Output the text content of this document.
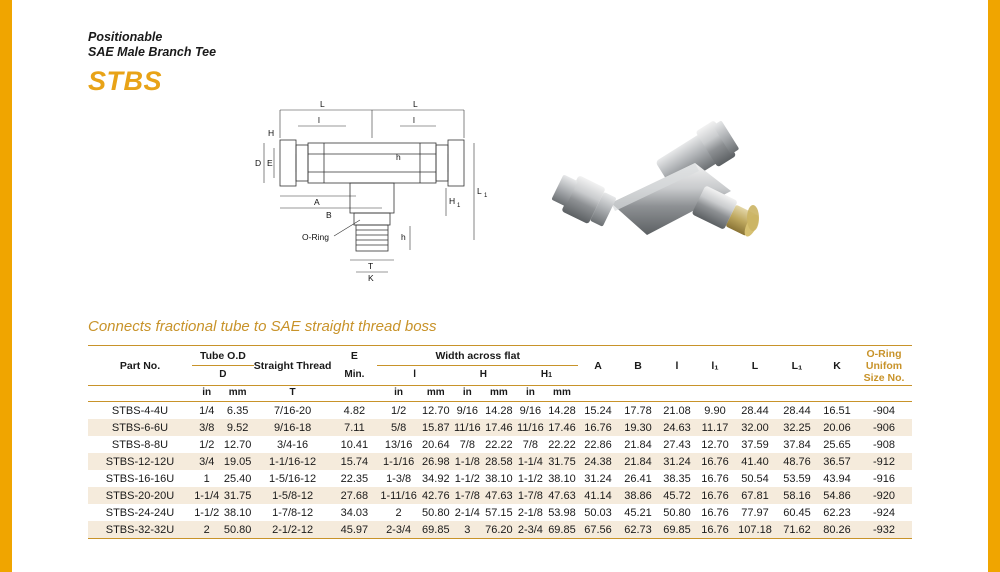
Positionable
SAE Male Branch Tee
STBS
L	L
H
l	l
D E
A
B
H 1
L 1
h
h
T
K
O-Ring
Connects fractional tube to SAE straight thread boss
Part No.	Tube O.D		Straight Thread	E	Width across flat						A	B	l	l₁	L	L₁	K	O-Ring
Unifom
Size No.

	D			Min.	l		H		H1									
	in	mm	T		in	mm	in	mm	in	mm								
STBS-4-4U	1/4	6.35	7/16-20	4.82	1/2	12.70	9/16	14.28	9/16	14.28	15.24	17.78	21.08	9.90	28.44	28.44	16.51	-904
STBS-6-6U	3/8	9.52	9/16-18	7.11	5/8	15.87	11/16	17.46	11/16	17.46	16.76	19.30	24.63	11.17	32.00	32.25	20.06	-906
STBS-8-8U	1/2	12.70	3/4-16	10.41	13/16	20.64	7/8	22.22	7/8	22.22	22.86	21.84	27.43	12.70	37.59	37.84	25.65	-908
STBS-12-12U	3/4	19.05	1-1/16-12	15.74	1-1/16	26.98	1-1/8	28.58	1-1/4	31.75	24.38	21.84	31.24	16.76	41.40	48.76	36.57	-912
STBS-16-16U	1	25.40	1-5/16-12	22.35	1-3/8	34.92	1-1/2	38.10	1-1/2	38.10	31.24	26.41	38.35	16.76	50.54	53.59	43.94	-916
STBS-20-20U	1-1/4	31.75	1-5/8-12	27.68	1-11/16	42.76	1-7/8	47.63	1-7/8	47.63	41.14	38.86	45.72	16.76	67.81	58.16	54.86	-920
STBS-24-24U	1-1/2	38.10	1-7/8-12	34.03	2	50.80	2-1/4	57.15	2-1/8	53.98	50.03	45.21	50.80	16.76	77.97	60.45	62.23	-924
STBS-32-32U	2	50.80	2-1/2-12	45.97	2-3/4	69.85	3	76.20	2-3/4	69.85	67.56	62.73	69.85	16.76	107.18	71.62	80.26	-932
